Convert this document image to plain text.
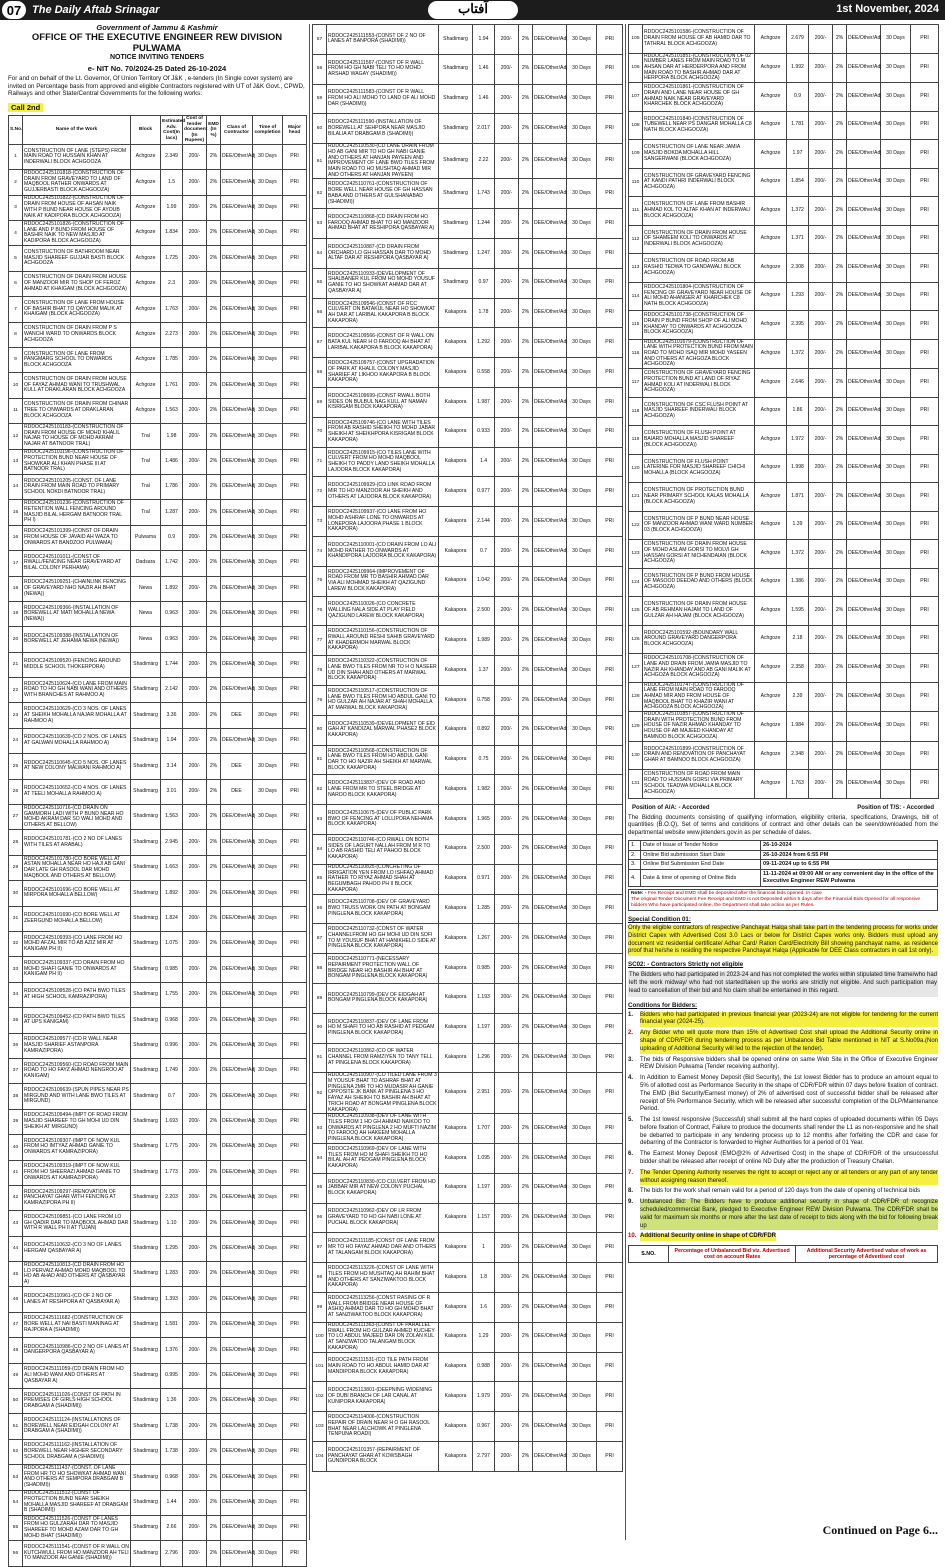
07 The Daily Aftab Srinagar	آفتاب	1st November, 2024
Government of Jammu & Kashmir
OFFICE OF THE EXECUTIVE ENGINEER REW DIVISION PULWAMA
NOTICE INVITING TENDERS
e- NIT No. 70/2024-25 Dated 26-10-2024
For and on behalf of the Lt. Governor, Of Union Territory Of J&K , e-tenders (In Single cover system) are invited on Percentage basis from approved and eligible Contractors registered with UT of J&K Govt., CPWD, Railways and other State/Central Governments for the following works:
Call 2nd
S.No.	Name of the Work	Block	Estimated Adv. Cost(In lacs)	Cost of tender document (In Rupees)	EMD (In %)	Class of Contractor	Time of completion	Major head
1	CONSTRUCTION OF LANE (STEPS) FROM MAIN ROAD TO HUSSAIN KHAN AT INDERWALI BLOCK ACHGOOZA	Achgoze	2.349	200/-	2%	DEE/Other/Adj	30 Days	PRI
2	RDDOC2425101818-(CONSTRUCTION OF DRAIN FROM GRAVEYARD TO LAND OF MAQBOOL RATHER ONWARDS AT GUJJERBASTI BLOCK ACHGOOZA)	Achgoze	1.5	200/-	2%	DEE/Other/Adj	30 Days	PRI
3	RDDOC2425101822-(CONSTRUCTION OF DRAIN FROM HOUSE OF AHSAN NAIK WITH P BUND NEAR HOUSE OF AYOUB NAIK AT KADIPORA BLOCK ACHGOOZA)	Achgoze	1.99	200/-	2%	DEE/Other/Adj	30 Days	PRI
4	RDDOC2425101826-(CONSTRUCTION OF LANE AND P BUND FROM HOUSE OF BASHIR NAIK TO NEW MASJID AT KADIPORA BLOCK ACHGOOZA)	Achgoze	1.834	200/-	2%	DEE/Other/Adj	30 Days	PRI
5	CONSTRUCTION OF BATHROOM NEAR MASJID SHAREEF GUJJAR BASTI BLOCK ACHGOOZA	Achgoze	1.725	200/-	2%	DEE/Other/Adj	30 Days	PRI
6	CONSTRUCTION OF DRAIN FROM HOUSE OF MANZOOR MIR TO SHOP OF FEROZ AHMAD AT KHAIGAM (BLOCK ACHGOOZA)	Achgoze	2.3	200/-	2%	DEE/Other/Adj	30 Days	PRI
7	CONSTRUCTION OF LANE FROM HOUSE OF BASHIR BHAT TO QAYOOM MALIK AT KHAIGAM (BLOCK ACHGOOZA)	Achgoze	1.763	200/-	2%	DEE/Other/Adj	30 Days	PRI
8	CONSTRUCTION OF DRAIN FROM P S WANCHI WARD TO ONWARDS BLOCK ACHGOOZA	Achgoze	2.273	200/-	2%	DEE/Other/Adj	30 Days	PRI
9	CONSTRUCTION OF LANE FROM PANGMARG SCHOOL TO ONWARDS BLOCK ACHGOOZA	Achgoze	1.785	200/-	2%	DEE/Other/Adj	30 Days	PRI
10	CONSTRUCTION OF DRAIN FROM HOUSE OF FAYAZ AHMAD WANI TO TRUSHWAL KULL AT DRAKLARAN BLOCK ACHGOOZA	Achgoze	1.761	200/-	2%	DEE/Other/Adj	30 Days	PRI
11	CONSTRUCTION OF DRAIN FROM CHINAR TREE TO ONWARDS AT DRAKLARAN BLOCK ACHGOOZA	Achgoze	1.563	200/-	2%	DEE/Other/Adj	30 Days	PRI
12	RDDOC2425101183-(CONSTRUCTION OF DRAIN FROM HOUSE OF MOHD KHALIL NAJAR TO HOUSE OF MOHD AKRAM NAJAR AT BATNOOR TRAL)	Tral	1.98	200/-	2%	DEE/Other/Adj	30 Days	PRI
13	RDDOC2425101196-(CONSTRUCTION OF PROTECTION BUND NEAR HOUSE OF SHOWKAR ALI KHAN PHASE III AT BATNOOR TRAL)	Tral	1.486	200/-	2%	DEE/Other/Adj	30 Days	PRI
14	RDDOC2425101205-(CONST. OF LANE DRAIN FROM MAIN ROAD TO PRIMARY SCHOOL NOKDI BATNOOR TRAL)	Tral	1.786	200/-	2%	DEE/Other/Adj	30 Days	PRI
15	RDDOC2425101236-(CONSTRUCTION OF RETENTION WALL FENCING AROUND MASJID BILAL HERGAM BATNOOR TRAL PH I)	Tral	1.287	200/-	2%	DEE/Other/Adj	30 Days	PRI
16	RDDOC2425101399-(CONST OF DRAIN FROM HOUSE OF JAVAID AH WAZA TO ONWARDS AT BANDZOO PULWAMA)	Pulwama	0.9	200/-	2%	DEE/Other/Adj	30 Days	PRI
17	RDDOC2425101011-(CONST OF RWALL/FENCING NEAR GRAVEYARD AT BILAL COLONY PERHAMA)	Dadsara	1.742	200/-	2%	DEE/Other/Adj	30 Days	PRI
18	RDDOC2425109251-(CHAINLINK FENCING OF GRAVEYARD NHO NAZIR AH BHAT (NEWA))	Newa	1.892	200/-	2%	DEE/Other/Adj	30 Days	PRI
19	RDDOC2425109366-(INSTALLATION OF BOREWELL AT MATI MOHALLA NEWA (NEWA))	Newa	0.963	200/-	2%	DEE/Other/Adj	30 Days	PRI
20	RDDOC2425109388-(INSTALLATION OF BOREWELL AT JEHAMA NEWA (NEWA))	Newa	0.963	200/-	2%	DEE/Other/Adj	30 Days	PRI
21	RDDOC2425109520-(FENCING AROUND MIDDLE SCHOOL THOKERPORA)	Shadimarg	1.744	200/-	2%	DEE/Other/Adj	30 Days	PRI
22	RDDOC2425110624-(CO LANE FROM MAIN ROAD TO HO GH NABI WANI AND OTHERS WITH BRANCHES AT RAHMOO A)	Shadimarg	2.142	200/-	2%	DEE/Other/Adj	30 Days	PRI
23	RDDOC2425110629-(CO 3 NOS. OF LANES AT SHEIKH MOHALLA NAJAR MOHALLA AT RAHMOO A)	Shadimarg	3.36	200/-	2%	DEE	30 Days	PRI
24	RDDOC2425110639-(CO 2 NOS. OF LANES AT GALWAN MOHALLA RAHMOO A)	Shadimarg	1.94	200/-	2%	DEE/Other/Adj	30 Days	PRI
25	RDDOC2425110645-(CO 5 NOS. OF LANES AT NEW COLONY MALWANI RAHMOO A)	Shadimarg	3.14	200/-	2%	DEE	30 Days	PRI
26	RDDOC2425110652-(CO 4 NOS. OF LANES AT TEELI MOHALLA RAHMOO A)	Shadimarg	3.01	200/-	2%	DEE	30 Days	PRI
27	RDDOC2425110716-(CD DRAIN ON GAMMORH LADI WITH P BUND NEAR HO MOHD AKRAM DAR SO WALI MOHD AND OTHERS AT BELLOW)	Shadimarg	1.563	200/-	2%	DEE/Other/Adj	30 Days	PRI
28	RDDOC2425101781-(CO 2 NO OF LANES WITH TILES AT ARABAL)	Shadimarg	2.945	200/-	2%	DEE/Other/Adj	30 Days	PRI
29	RDDOC2425101780-(CO BORE WELL AT ASTAN MOHALLA NEAR HO HAJI AB GANI DAR LATE GH RASOOL DAR MOHD MAQBOOL AND OTHERS AT BELLOW)	Shadimarg	1.663	200/-	2%	DEE/Other/Adj	30 Days	PRI
30	RDDOC2425101696-(CO BORE WELL AT MIRPORA MOHALLA BELLOW)	Shadimarg	1.892	200/-	2%	DEE/Other/Adj	30 Days	PRI
31	RDDOC2425101690-(CO BORE WELL AT ZEERGUND MOHALLA BELLOW)	Shadimarg	1.824	200/-	2%	DEE/Other/Adj	30 Days	PRI
32	RDDOC2425109393-(CO LANE FROM HO MOHD AFZAL MIR TO AB AZIZ MIR AT KANIGAM PH II)	Shadimarg	1.075	200/-	2%	DEE/Other/Adj	30 Days	PRI
33	RDDOC2425109337-(CD DRAIN FROM HO MOHD SHAFI GANIE TO ONWARDS AT KANIGAM PH II)	Shadimarg	0.985	200/-	2%	DEE/Other/Adj	30 Days	PRI
34	RDDOC2425109528-(CO PATH BWO TILES AT HIGH SCHOOL KAMRAZIPORA)	Shadimarg	1.755	200/-	2%	DEE/Other/Adj	30 Days	PRI
35	RDDOC2425109452-(CD PATH BWO TILES AT UPS KANIGAM)	Shadimarg	0.968	200/-	2%	DEE/Other/Adj	30 Days	PRI
36	RDDOC2425109577-(CD R WALL NEAR MASJID SHARIEF ASTANPORA KAMRAZIPORA)	Shadimarg	0.996	200/-	2%	DEE/Other/Adj	30 Days	PRI
37	RDDOC2425109560-(CD ROAD FROM MAIN ROAD TO HO FAYZ AHMAD NENGROO AT KANIGAM)	Shadimarg	1.749	200/-	2%	DEE/Other/Adj	30 Days	PRI
38	RDDOC2425109639-(SPUN PIPES NEAR PS MIRGUND AND WITH LANE BWO TILES AT MIRGUND)	Shadimarg	0.7	200/-	2%	DEE/Other/Adj	30 Days	PRI
39	RDDOC2425109494-(IMPT OF ROAD FROM MASJID SHAREEF TO GH MOHI UD DIN SHEIKH AT MIRGUND)	Shadimarg	1.693	200/-	2%	DEE/Other/Adj	30 Days	PRI
40	RDDOC2425109307-(IMPT OF NOW KUL FROM HO IMTYAZ AHMAD GANIE TO ONWARDS AT KAMRAZIPORA)	Shadimarg	1.775	200/-	2%	DEE/Other/Adj	30 Days	PRI
41	RDDOC2425109319-(IMPT OF NOW KUL FROM HO SHEERAZI AHMAD GANIE TO ONWARDS AT KAMRAZIPORA)	Shadimarg	1.773	200/-	2%	DEE/Other/Adj	30 Days	PRI
42	RDDOC2425109297-(RENOVATION OF PANCHAYAT GHAR WITH FENCING AT KAMRAZIPORA PH II)	Shadimarg	2.203	200/-	2%	DEE/Other/Adj	30 Days	PRI
43	RDDOC2425109851-(CO LANE FROM LO GH QADIR DAR TO MAQBOOL AHMAD DAR WITH R WALL PH II AT TUJAN)	Shadimarg	1.10	200/-	2%	DEE/Other/Adj	30 Days	PRI
44	RDDOC2425110632-(CO 3 NO OF LANES HERGAM QASBAYAR A)	Shadimarg	1.295	200/-	2%	DEE/Other/Adj	30 Days	PRI
45	RDDOC2425110813-(CD DRAIN FROM HO LO PERVAIZ AHMAD MOHD MAQBOOL TO HO AB AHAD AND OTHERS AT QASBAYAR A)	Shadimarg	1.283	200/-	2%	DEE/Other/Adj	30 Days	PRI
46	RDDOC2425110961-(CO OF 2 NO OF LANES AT RESHPORA AT QASBAYAR A)	Shadimarg	1.393	200/-	2%	DEE/Other/Adj	30 Days	PRI
47	RDDOC2425111682-(CONSTRUCTION OF BORE WELL AT NAI BASTI MANINAG AT RAJPORA A (SHADIMI))	Shadimarg	1.581	200/-	2%	DEE/Other/Adj	30 Days	PRI
48	RDDOC2425110986-(CO 2 NO OF LANES AT DANGERPORA QASBAYAR A)	Shadimarg	1.376	200/-	2%	DEE/Other/Adj	30 Days	PRI
49	RDDOC2425111059-(CD DRAIN FROM HO ALI MOHD WANI AND OTHERS AT QASBAYAR A)	Shadimarg	0.995	200/-	2%	DEE/Other/Adj	30 Days	PRI
50	RDDOC2425111026-(CONST OF PATH IN PREMISES OF GIRLS HIGH SCHOOL DRABGAM A (SHADIMI))	Shadimarg	1.36	200/-	2%	DEE/Other/Adj	30 Days	PRI
51	RDDOC2425111124-(INSTALLATIONS OF BOREWELL NEAR EIDGAH COLONY AT DRABGAM A (SHADIMI))	Shadimarg	1.738	200/-	2%	DEE/Other/Adj	30 Days	PRI
52	RDDOC2425111162-(INSTALLATION OF BOREWELL NEAR HIGHER SECONDARY SCHOOL DRABGAM A (SHADIMI))	Shadimarg	1.738	200/-	2%	DEE/Other/Adj	30 Days	PRI
53	RDDOC2425111437-(CONST. OF LANE FROM HR TO HO SHOWKAT AHMAD WANI AND OTHERS AT SEMPORA DRABGAM B (SHADIMI))	Shadimarg	0.968	200/-	2%	DEE/Other/Adj	30 Days	PRI
54	RDDOC2425111512-(CONST OF PROTECTION BUND NEAR SHEIKH MOHALLA MASJID SHAREEF AT DRABGAM B (SHADIMI))	Shadimarg	1.44	200/-	2%	DEE/Other/Adj	30 Days	PRI
55	RDDOC2425111526-(CONST OF LANES FROM HO GULZARAH DAR TO MASJID SHAREEF TO MOHD AZAM DAR TO GH MOHD BHAT (SHADIMI))	Shadimarg	2.66	200/-	2%	DEE/Other/Adj	30 Days	PRI
56	RDDOC2425111541-(CONST OF R WALL ON KUTCHWULL FROM HO MANZOOR AH TELI TO MANZOOR AH GANIE (SHADIMI))	Shadimarg	2.796	200/-	2%	DEE/Other/Adj	30 Days	PRI
57	RDDOC2425111553-(CONST OF 2 NO OF LANES AT BANPORA (SHADIMI))	Shadimarg	1.94	200/-	2%	DEE/Other/Adj	30 Days	PRI
58	RDDOC2425111567-(CONST OF R WALL FROM HO GH NABI TELI TO HO MOHD ARSHAD WAGAY (SHADIMI))	Shadimarg	1.46	200/-	2%	DEE/Other/Adj	30 Days	PRI
59	RDDOC2425111583-(CONST OF R WALL FROM HO ALI MOHD TO LAND OF ALI MOHD DAR (SHADIMI))	Shadimarg	1.46	200/-	2%	DEE/Other/Adj	30 Days	PRI
60	RDDOC2425111590-(INSTALLATION OF BOREWELL AT SEHPORA NEAR MASJID BILALIA AT DRABGAM B (SHADIMI))	Shadimarg	2.017	200/-	2%	DEE/Other/Adj	30 Days	PRI
61	RDDOC2425110530-(CD LANE DRAIN FROM HO AB GANI MIR TO HO GH NABI GANIE AND OTHERS AT HANJAN PAYEEN AND IMPROVEMENT OF LANE BWO TILES FROM MAIN ROAD TO HO MUSHTAQ AHMAD MIR AND OTHERS AT HANJAN PAYEEN)	Shadimarg	2.22	200/-	2%	DEE/Other/Adj	30 Days	PRI
62	RDDOC2425110761-(CONSTRUCTION OF BORE WELL NEAR HOUSE OF GH HASSAN BABA AND OTHERS AT GULSHANABAD (SHADIMI))	Shadimarg	1.743	200/-	2%	DEE/Other/Adj	30 Days	PRI
63	RDDOC2425110868-(CD DRAIN FROM HO FAROOQ AHMAD BHAT TO HO MANZOOR AHMAD BHAT AT RESHIPORA QASBAYAR A)	Shadimarg	1.244	200/-	2%	DEE/Other/Adj	30 Days	PRI
64	RDDOC2425110887-(CD DRAIN FROM ORCHARD LO GH HASSAN DAR TO MOHD ALTAF DAR AT RESHIPORA QASBAYAR A)	Shadimarg	1.247	200/-	2%	DEE/Other/Adj	30 Days	PRI
65	RDDOC2425110933-(DEVELOPMENT OF SHALBANER KUL FROM HO MOHD YOUSUF GANIE TO HO SHOWKAT AHMAD DAR AT QASBAYAR A)	Shadimarg	0.97	200/-	2%	DEE/Other/Adj	30 Days	PRI
66	RDDOC2425109546-(CONST OF RCC CULVERT ON BATAKUL NEAR HO SHOWKAT AH DAR AT LARIBAL KAKAPORA B BLOCK KAKAPORA)	Kakapora	1.78	200/-	2%	DEE/Other/Adj	30 Days	PRI
67	RDDOC2425109566-(CONST OF R WALL ON BATA KUL NEAR H O FAROOQ AH BHAT AT LARIBAL KAKAPORA B BLOCK KAKAPORA)	Kakapora	1.292	200/-	2%	DEE/Other/Adj	30 Days	PRI
68	RDDOC2425109757-(CONST UPGRADATION OF PARK AT KHALIL COLONY MASJID SHARIEF AT LIKHOO KAKAPORA B BLOCK KAKAPORA)	Kakapora	0.558	200/-	2%	DEE/Other/Adj	30 Days	PRI
69	RDDOC2425109699-(CONST RWALL BOTH SIDES ON BULBUL NAG KULL AT NAMAN KISRIGAM BLOCK KAKAPORA)	Kakapora	1.987	200/-	2%	DEE/Other/Adj	30 Days	PRI
70	RDDOC2425109746-(CO LANE WITH TILES FROM AB RASHID SHEIKH TO MOHD JABAR SHEIKH AT SHEIKHPORA KISRIGAM BLOCK KAKAPORA)	Kakapora	0.933	200/-	2%	DEE/Other/Adj	30 Days	PRI
71	RDDOC2425109915-(CO TILES LANE WITH CULVERT FROM HO MOHD MAQBOOL SHEIKH TO PADDY LAND SHEIKH MOHALLA LAJOORA BLOCK KAKAPORA)	Kakapora	1.4	200/-	2%	DEE/Other/Adj	30 Days	PRI
72	RDDOC2425109929-(CO LINK ROAD FROM MIR TO HO MANZOOR AH SHEIKH AND OTHERS AT LAJOORA BLOCK KAKAPORA)	Kakapora	0.977	200/-	2%	DEE/Other/Adj	30 Days	PRI
73	RDDOC2425109937-(CO LANE FROM HO MOHD ASHRAF LONE TO ONWARDS AT LONEPORA LAJOORA PHASE 1 BLOCK KAKAPORA)	Kakapora	2.144	200/-	2%	DEE/Other/Adj	30 Days	PRI
74	RDDOC2425110001-(CO DRAIN FROM LO ALI MOHD RATHER TO ONWARDS AT KHANDIPORA LAJOORA BLOCK KAKAPORA)	Kakapora	0.7	200/-	2%	DEE/Other/Adj	30 Days	PRI
75	RDDOC2425109964-(IMPROVEMENT OF ROAD FROM MR TO BASHIR AHMAD DAR VIA ALI MOHMAD SHEIKH AT QAZIGUND LAREW BLOCK KAKAPORA)	Kakapora	1.042	200/-	2%	DEE/Other/Adj	30 Days	PRI
76	RDDOC2425110026-(CO CONCRETE WALLING NALA SIDE AT PLAY FIELD QAZIGUND LAREW BLOCK KAKAPORA)	Kakapora	2.500	200/-	2%	DEE/Other/Adj	30 Days	PRI
77	RDDOC2425110156-(CONSTRUCTION OF RWALL AROUND RESHI SAHIB GRAVEYARD AT KHADERMOH MARWAL BLOCK KAKAPORA)	Kakapora	1.989	200/-	2%	DEE/Other/Adj	30 Days	PRI
78	RDDOC2425110322-(CONSTRUCTION OF LANE BWO TILES FROM NR TO H O NASEER UD DIN SHAH AND OTHERS AT MARWAL BLOCK KAKAPORA)	Kakapora	1.37	200/-	2%	DEE/Other/Adj	30 Days	PRI
79	RDDOC2425110517-(CONSTRUCTION OF LANE BWO TILES FROM HO ABDUL GANI TO HO GULZAR AH NAJAR AT SHAH MOHALLA AT MARWAL BLOCK KAKAPORA)	Kakapora	0.758	200/-	2%	DEE/Other/Adj	30 Days	PRI
80	RDDOC2425110539-(DEVELOPMENT OF EID GAH AT KANDIZAL MARWAL PHASE2 BLOCK KAKAPORA)	Kakapora	0.892	200/-	2%	DEE/Other/Adj	30 Days	PRI
81	RDDOC2425110568-(CONSTRUCTION OF LANE BWO TILES FROM HO ABDUL GANI DAR TO HO NAZIR AH SHEIKH AT MARWAL BLOCK KAKAPORA)	Kakapora	0.75	200/-	2%	DEE/Other/Adj	30 Days	PRI
82	RDDOC2425113837-(DEV OF ROAD AND LANE FROM MR TO STEEL BRIDGE AT NAROO BLOCK KAKAPORA)	Kakapora	1.982	200/-	2%	DEE/Other/Adj	30 Days	PRI
83	RDDOC2425110675-(DEV OF PUBLIC PARK BWO OF FENCING AT LOLLIPORA NEHAMA BLOCK KAKAPORA)	Kakapora	1.965	200/-	2%	DEE/Other/Adj	30 Days	PRI
84	RDDOC2425110746-(CO RWALL ON BOTH SIDES OF LAGURT NALLAH FROM M R TO LO AB RASHID TELI AT PAHOO BLOCK KAKAPORA)	Kakapora	2.500	200/-	2%	DEE/Other/Adj	30 Days	PRI
85	RDDOC2425110825-(CONCRETING OF IRRIGATION YEN FROM LO ISHFAQ AHMAD RATHER TO RIYAZ AHMAD SHAH AT BEGUMBAGH PAHOO PH II BLOCK KAKAPORA)	Kakapora	0.971	200/-	2%	DEE/Other/Adj	30 Days	PRI
86	RDDOC2425110708-(DEV OF GRAVEYARD BWO TRUSS WORK ON PATH AT BONGAM PINGLENA BLOCK KAKAPORA)	Kakapora	1.285	200/-	2%	DEE/Other/Adj	30 Days	PRI
87	RDDOC2425110732-(CONST OF WATER CHANNELFROM HO GH MOHI UD DIN SOFI TO M YOUSUF BHAT AT HANIKHELO SIDE AT PINGLENA BLOCK KAKAPORA)	Kakapora	1.267	200/-	2%	DEE/Other/Adj	30 Days	PRI
88	RDDOC2425110771-(NECESSARY REPAIRMENT PROTECTION WALL OF BRIDGE NEAR HO BASHIR AH BHAT AT BONGAM PINGLENA BLOCK KAKAPORA)	Kakapora	0.985	200/-	2%	DEE/Other/Adj	30 Days	PRI
89	RDDOC2425110799-(DEV OF EIDGAH AT BONGAM PINGLENA BLOCK KAKAPORA)	Kakapora	1.193	200/-	2%	DEE/Other/Adj	30 Days	PRI
90	RDDOC2425110837-(DEV OF LANE FROM HO M SHAFI TO HO AB RASHID AT PEDGAM PINGLENA BLOCK KAKAPORA)	Kakapora	1.197	200/-	2%	DEE/Other/Adj	30 Days	PRI
91	RDDOC2425110862-(CO OF WATER CHANNEL FROM RAMZIYEN TO TANY TELL AT PINGLENA BLOCK KAKAPORA)	Kakapora	1.296	200/-	2%	DEE/Other/Adj	30 Days	PRI
92	RDDOC2425110907-(CO TILED LANE FROM 3 M YOUSUF BHAT TO ASHRAF BHAT AT PINGLENA 2MR TO HO MUDASIR AH GANIE OPPOSITE JK BANK AT PINGLENA 3 HO FAYAZ AH SHEIKH TO BASHIR AH BHAT AT TRICH ROAD AT BONGAM PINGLENA BLOCK KAKAPORA)	Kakapora	2.951	200/-	2%	DEE/Other/Adj	30 Days	PRI
93	RDDOC2425110938-(DEV OF LANE WITH TILES FROM 1 HO GH AHMAD NAIKOO TO ONWARDS AT PINGLENA 2 HO MUFTI NAZIM TO FAROOQ AH HAKEEM MOHALLA PINGLENA BLOCK KAKAPORA)	Kakapora	1.707	200/-	2%	DEE/Other/Adj	30 Days	PRI
94	RDDOC2425110969-(DEV OF LANE WITH TILES FROM HO M SHAFI SHEIKH TO HO BILAL AH AT PEDGAM PINGLENA BLOCK KAKAPORA)	Kakapora	1.095	200/-	2%	DEE/Other/Adj	30 Days	PRI
95	RDDOC2425110830-(CO CULVERT FROM HO JABBAR MIR AT NEW COLONY PUCHAL BLOCK KAKAPORA)	Kakapora	1.197	200/-	2%	DEE/Other/Adj	30 Days	PRI
96	RDDOC2425110962-(DEV OF LR FROM GRAVEYARD TO HO GH NABI LONE AT PUCHAL BLOCK KAKAPORA)	Kakapora	1.157	200/-	2%	DEE/Other/Adj	30 Days	PRI
97	RDDOC2425111185-(CONST OF LANE FROM MR TO HO FAYAZ AHMAD DAR AND OTHERS AT TALANGAM BLOCK KAKAPORA)	Kakapora	1	200/-	2%	DEE/Other/Adj	30 Days	PRI
98	RDDOC2425113226-(CONST OF LANE WITH TILES FROM HO MUSHTAQ AH RAHIM BHAT AND OTHERS AT SANZIWAKTOO BLOCK KAKAPORA)	Kakapora	1.8	200/-	2%	DEE/Other/Adj	30 Days	PRI
99	RDDOC2425113256-(CONST RASING OF R WALL FROM BRIDGE NEAR HOUSE OF ASHIQ AHMAD DAR TO HO GH MOHD BHAT AT SANZIWAKTOO BLOCK KAKAPORA)	Kakapora	1.6	200/-	2%	DEE/Other/Adj	30 Days	PRI
100	RDDOC2425111363-(CONST OF PARALLEL RWALL FROM HO GULZAR AHMED KUCHEY TO LO ABDUL MAJEED DAR ON ZOLAN KUL AT SANZWATOO TALANGAM BLOCK KAKAPORA)	Kakapora	1.29	200/-	2%	DEE/Other/Adj	30 Days	PRI
101	RDDOC2425111531-(CO TILE PATH FROM MAIN ROAD TO HO ABDUL HAMID DAR AT MANDIPORA BLOCK KAKAPORA)	Kakapora	0.988	200/-	2%	DEE/Other/Adj	30 Days	PRI
102	RDDOC2425113801-(DEEPNING WIDENING OF DUBI BRANCH OF LAR CANAL AT KUNIPORA KAKAPORA)	Kakapora	1.979	200/-	2%	DEE/Other/Adj	30 Days	PRI
103	RDDOC2425114006-(CONSTRUCTION REPAIR OF DRAIN NEAR H O GH RASOOL BHAT NEAR LALCHOWK AT PINGLENA TENPUNA ROADI)	Kakapora	0.967	200/-	2%	DEE/Other/Adj	30 Days	PRI
104	RDDOC2425101357-(REPAIRMENT OF PANCHAYAT GHAR AT KOWSBAGH GUNDIPORA BLOCK	Kakapora	2.797	200/-	2%	DEE/Other/Adj	30 Days	PRI
105	RDDOC2425101586-(CONSTRUCTION OF DRAIN FROM HOUSE OF AB HAMID DAR TO TATHRAL BLOCK ACHGOOZA)	Achgoze	2.679	200/-	2%	DEE/Other/Adj	30 Days	PRI
106	RDDOC2425101851-(CONSTRUCTION OF 02 NUMBER LANES FROM MAIN ROAD TO M AHSAN DAR AT HERDERPORA AND FROM MAIN ROAD TO BASHIR AHMAD DAR AT HERPORA BLOCK ACHGOOZA)	Achgoze	1.992	200/-	2%	DEE/Other/Adj	30 Days	PRI
107	RDDOC2425101861-(CONSTRUCTION OF DRAIN AND LANE NEAR HOUSE OF GH AHMAD NAIK NEAR GRAVEYARD KHARCHEK BLOCK ACHGOOZA)	Achgoze	0.9	200/-	2%	DEE/Other/Adj	30 Days	PRI
108	RDDOC2425101840-(CONSTRUCTION OF TUBEWELL NEAR PS DANGAR MOHALLA C8 NATH BLOCK ACHGOOZA)	Achgoze	1.781	200/-	2%	DEE/Other/Adj	30 Days	PRI
109	CONSTRUCTION OF LANE NEAR JAMIA MASJID BOKDA MOHALLA HILL SANGERWANI (BLOCK ACHGOOZA)	Achgoze	1.97	200/-	2%	DEE/Other/Adj	30 Days	PRI
110	CONSTRUCTION OF GRAVEYARD FENCING AT KANDI PATHRI INDERWALI BLOCK ACHGOOZA)	Achgoze	1.854	200/-	2%	DEE/Other/Adj	30 Days	PRI
111	CONSTRUCTION OF LANE FROM BASHIR AHMAD KOL TO ALTAF KHAN AT INDERWALI BLOCK ACHGOOZA)	Achgoze	1.372	200/-	2%	DEE/Other/Adj	30 Days	PRI
112	CONSTRUCTION OF DRAIN FROM HOUSE OF SHAMEEM KOLI TO ONWARDS AT INDERWALI BLOCK ACHGOOZA)	Achgoze	1.371	200/-	2%	DEE/Other/Adj	30 Days	PRI
113	CONSTRUCTION OF ROAD FROM AB RASHID TEDWA TO GANDAWALI BLOCK ACHGOOZA)	Achgoze	2.308	200/-	2%	DEE/Other/Adj	30 Days	PRI
114	RDDOC2425101804-(CONSTRUCTION OF FENCING OF GRAVEYARD NEAR HOUSE OF ALI MOHD AHANGER AT KHARCHEK C8 NATH BLOCK ACHGOOZA)	Achgoze	1.293	200/-	2%	DEE/Other/Adj	30 Days	PRI
115	RDDOC2425101738-(CONSTRUCTION OF DRAIN P BUND FROM SHOP OF ALI MOHD KHANDAY TO ONWARDS AT ACHGOOZA BLOCK ACHGOOZA)	Achgoze	2.395	200/-	2%	DEE/Other/Adj	30 Days	PRI
116	RDDOC2425101679-(CONSTRUCTION OF LANE WITH PROTECTION BUND FROM MAIN ROAD TO MOHD ISAQ MIR MOHD YASEEN AND OTHERS AT ACHGOZA BLOCK ACHGOOZA)	Achgoze	1.372	200/-	2%	DEE/Other/Adj	30 Days	PRI
117	CONSTRUCTION OF GRAVEYARD FENCING PROTECTION BUND AT LAND OF RIYAZ AHMAD KOLI AT INDERWALI BLOCK ACHGOOZA)	Achgoze	2.646	200/-	2%	DEE/Other/Adj	30 Days	PRI
118	CONSTRUCTION OF CSC FLUSH POINT AT MASJID SHAREEF INDERWALI BLOCK ACHGOOZA)	Achgoze	1.86	200/-	2%	DEE/Other/Adj	30 Days	PRI
119	CONSTRUCTION OF FLUSH POINT AT BAIARD MOHALLA MASJID SHAREEF (BLOCK ACHGOOZA))	Achgoze	1.972	200/-	2%	DEE/Other/Adj	30 Days	PRI
120	CONSTRUCTION OF FLUSH POINT LATERINE FOR MASJID SHAREEF CHICHI MOHALLA (BLOCK ACHGOOZA)	Achgoze	1.998	200/-	2%	DEE/Other/Adj	30 Days	PRI
121	CONSTRUCTION OF PROTECTION BUND NEAR PRIMARY SCHOOL KALAS MOHALLA (BLOCK ACHGOOZA)	Achgoze	1.871	200/-	2%	DEE/Other/Adj	30 Days	PRI
122	CONSTRUCTION OF P BUND NEAR HOUSE OF MANZOOR AHMAD WANI WARD NUMBER 03 (BLOCK ACHGOOZA)	Achgoze	1.39	200/-	2%	DEE/Other/Adj	30 Days	PRI
123	CONSTRUCTION OF DRAIN FROM HOUSE OF MOHD ASLAM GORSI TO MOLVI GH HASSAN GORSI AT NICHENDAIAN (BLOCK ACHGOOZA)	Achgoze	1.372	200/-	2%	DEE/Other/Adj	30 Days	PRI
124	CONSTRUCTION OF P BUND FROM HOUSE OF MASOOD DEEDAD AND OTHERS (BLOCK ACHGOOZA)	Achgoze	1.386	200/-	2%	DEE/Other/Adj	30 Days	PRI
125	CONSTRUCTION OF DRAIN FROM HOUSE OF AB REHMAN HAJAM TO LAND OF GULZAR AH HAJAM (BLOCK ACHGOOZA)	Achgoze	1.595	200/-	2%	DEE/Other/Adj	30 Days	PRI
126	RDDOC2425101592-(BOUNDARY WALL AROUND GRAVEYARD DANGERPORA BLOCK ACHGOOZA)	Achgoze	2.18	200/-	2%	DEE/Other/Adj	30 Days	PRI
127	RDDOC2425101708-(CONSTRUCTION OF LANE AND DRAIN FROM JAMIA MASJID TO NAZIR AH KHANDAY AND AB GANI MALIK AT ACHGOZA BLOCK ACHGOOZA)	Achgoze	2.358	200/-	2%	DEE/Other/Adj	30 Days	PRI
128	RDDOC2425101747-(CONSTRUCTION OF LANE FROM MAIN ROAD TO FAROOQ AHMAD MIR AND FROM HOUSE OF MAQBOOL BHAT TO KHAZIR WANI AT ACHGOOZA BLOCK ACHGOOZA)	Achgoze	2.39	200/-	2%	DEE/Other/Adj	30 Days	PRI
129	RDDOC2425101857-(CONSTRUCTION OF DRAIN WITH PROTECTION BUND FROM HOUSE OF NAZIR AHMAD KHANDAY TO HOUSE OF AB MAJEED KHANDAY AT BAMNOO BLOCK ACHGOOZA)	Achgoze	1.984	200/-	2%	DEE/Other/Adj	30 Days	PRI
130	RDDOC2425101899-(CONSTRUCTION OF DRAIN AND RENOVATION OF PANCHAYAT GHAR AT BAMNOO BLOCK ACHGOOZA)	Achgoze	2.348	200/-	2%	DEE/Other/Adj	30 Days	PRI
131	CONSTRUCTION OF ROAD FROM MAIN ROAD TO HUSSAIN GORSI VIA PRIMARY SCHOOL TEADWA MOHALLA BLOCK ACHGOOZA)	Achgoze	1.763	200/-	2%	DEE/Other/Adj	30 Days	PRI
Position of A/A: - Accorded	Position of T/S: - Accorded
The Bidding documents consisting of qualifying information, eligibility criteria, specifications, Drawings, bill of quantities (B.O.Q), Set of terms and conditions of contract and other details can be seen/downloaded from the departmental website www.jktenders.gov.in as per schedule of dates.
1.	Date of Issue of Tender Notice	26-10-2024
2.	Online Bid submission Start Date	26-10-2024 from 6:55 PM
3.	Online Bid Submission End Date	09-11-2024 up to 6:55 PM
4.	Date & time of opening of Online Bids	11-11-2024 at 09:00 AM or any convenient day in the office of the Executive Engineer REW Pulwama
Note: - Fee Receipt and EMD shall be deposited after the financial bids opened. In case
The original Tender Document Fee Receipt and EMD is not Deposited within 5 days after the Financial Bids Opened for all responsive bidders Who have participated online, the Department shall take action as per Rules.
Special Condition 01:
Only the eligible contractors of respective Panchayat Halqa shall take part in the tendering process for works under District Capex with Advertised Cost 3.0 Lacs or below for District Capex works only. Bidders must upload any document viz residential certificate/ Adhar Card/ Ration Card/Electricity Bill showing panchayat name, as residence proof that he/she is residing the respective Panchayat Halqa (Applicable for DEE Class contractors in call 1st only).
SC02: - Contractors Strictly not eligible
The Bidders who had participated in 2023-24 and has not completed the works within stipulated time frame/who had left the work midway/ who had not started/taken up the works are strictly not eligible. And such participation may lead to cancellation of their bid and No claim shall be entertained in this regard.
Conditions for Bidders:
1.	Bidders who had participated in previous financial year (2023-24) are not eligible for tendering for the current financial year (2024-25).
2.	Any Bidder who will quote more than 15% of Advertised Cost shall upload the Additional Security online in shape of CDR/FDR during tendering process as per Unbalance Bid Table mentioned in NIT at S.No09a.(Non uploading of Additional Security will led to the rejection of the tender).
3.	The bids of Responsive bidders shall be opened online on same Web Site in the Office of Executive Engineer REW Division Pulwama (Tender receiving authority).
4.	In Addition to Earnest Money Deposit (Bid Security), the 1st lowest Bidder has to produce an amount equal to 5% of allotted cost as Performance Security in the shape of CDR/FDR within 07 days before fixation of contract. The EMD (Bid Security/Earnest money) of 2% of advertised cost of successful bidder shall be released after receipt of 5% Performance Security, which will be released after successful completion of the DLP/Maintenance Period.
5.	The 1st lowest responsive (Successful) shall submit all the hard copies of uploaded documents within 05 Days before fixation of Contract, Failure to produce the documents shall render the L1 as non-responsive and he shall be debarred to participate in any tendering process up to 12 months after forfeiting the CDR and case for debarring of the Contractor is forwarded to Higher Authorities for a period of 01 Year.
6.	The Earnest Money Deposit (EMO@2% of Advertised Cost) in the shape of CDR/FDR of the unsuccessful bidder shall be released after receipt of online ND Duly after the production of Treasury Challan.
7.	The Tender Opening Authority reserves the right to accept or reject any or all tenders or any part of any tender without assigning reason thereof.
8.	The bids for the work shall remain valid for a period of 120 days from the date of opening of technical bids
9.	Unbalanced Bid: The Bidders have to produce additional security in shape of CDR/FDR of recognize scheduled/commercial Bank, pledged to Executive Engineer REW Division Pulwama. The CDR/FDR shall be valid for maximum six months or more after the last date of receipt to bids along with the bid for following break up
10. Additional Security online in shape of CDR/FDR
S.NO.	Percentage of Unbalanced Bid viz. Advertised cost on account Rates	Additional Security Advertised value of work as percentage of Advertised cost
Continued on Page 6...
